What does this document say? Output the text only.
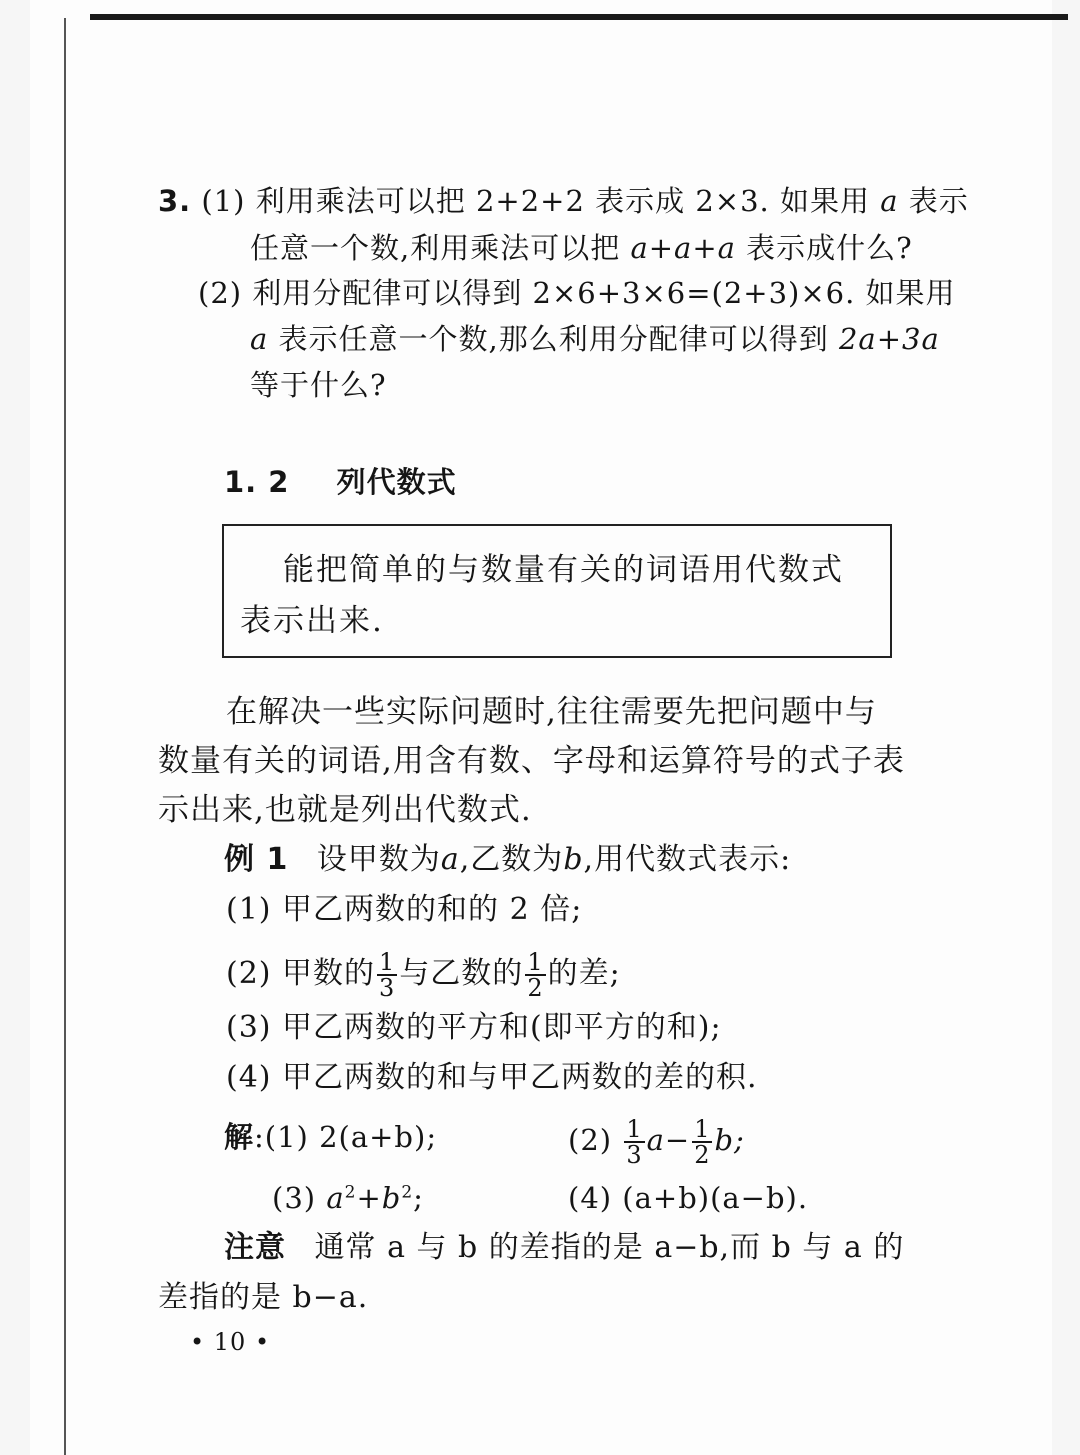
3. (1) 利用乘法可以把 2+2+2 表示成 2×3. 如果用 a 表示
任意一个数,利用乘法可以把 a+a+a 表示成什么?
(2) 利用分配律可以得到 2×6+3×6=(2+3)×6. 如果用
a 表示任意一个数,那么利用分配律可以得到 2a+3a
等于什么?
1. 2 列代数式
能把简单的与数量有关的词语用代数式
表示出来.
在解决一些实际问题时,往往需要先把问题中与
数量有关的词语,用含有数、字母和运算符号的式子表
示出来,也就是列出代数式.
例 1 设甲数为a,乙数为b,用代数式表示:
(1) 甲乙两数的和的 2 倍;
(2) 甲数的 $\frac{1}{3}$ 与乙数的 $\frac{1}{2}$ 的差;
(3) 甲乙两数的平方和(即平方的和);
(4) 甲乙两数的和与甲乙两数的差的积.
解:(1) 2(a+b);	$(2) \frac{1}{3} a- \frac{1}{2} b$;
(3) $a^2+b^2$;	(4) (a+b)(a−b).
注意 通常 a 与 b 的差指的是 a−b,而 b 与 a 的
差指的是 b−a.
• 10 •
